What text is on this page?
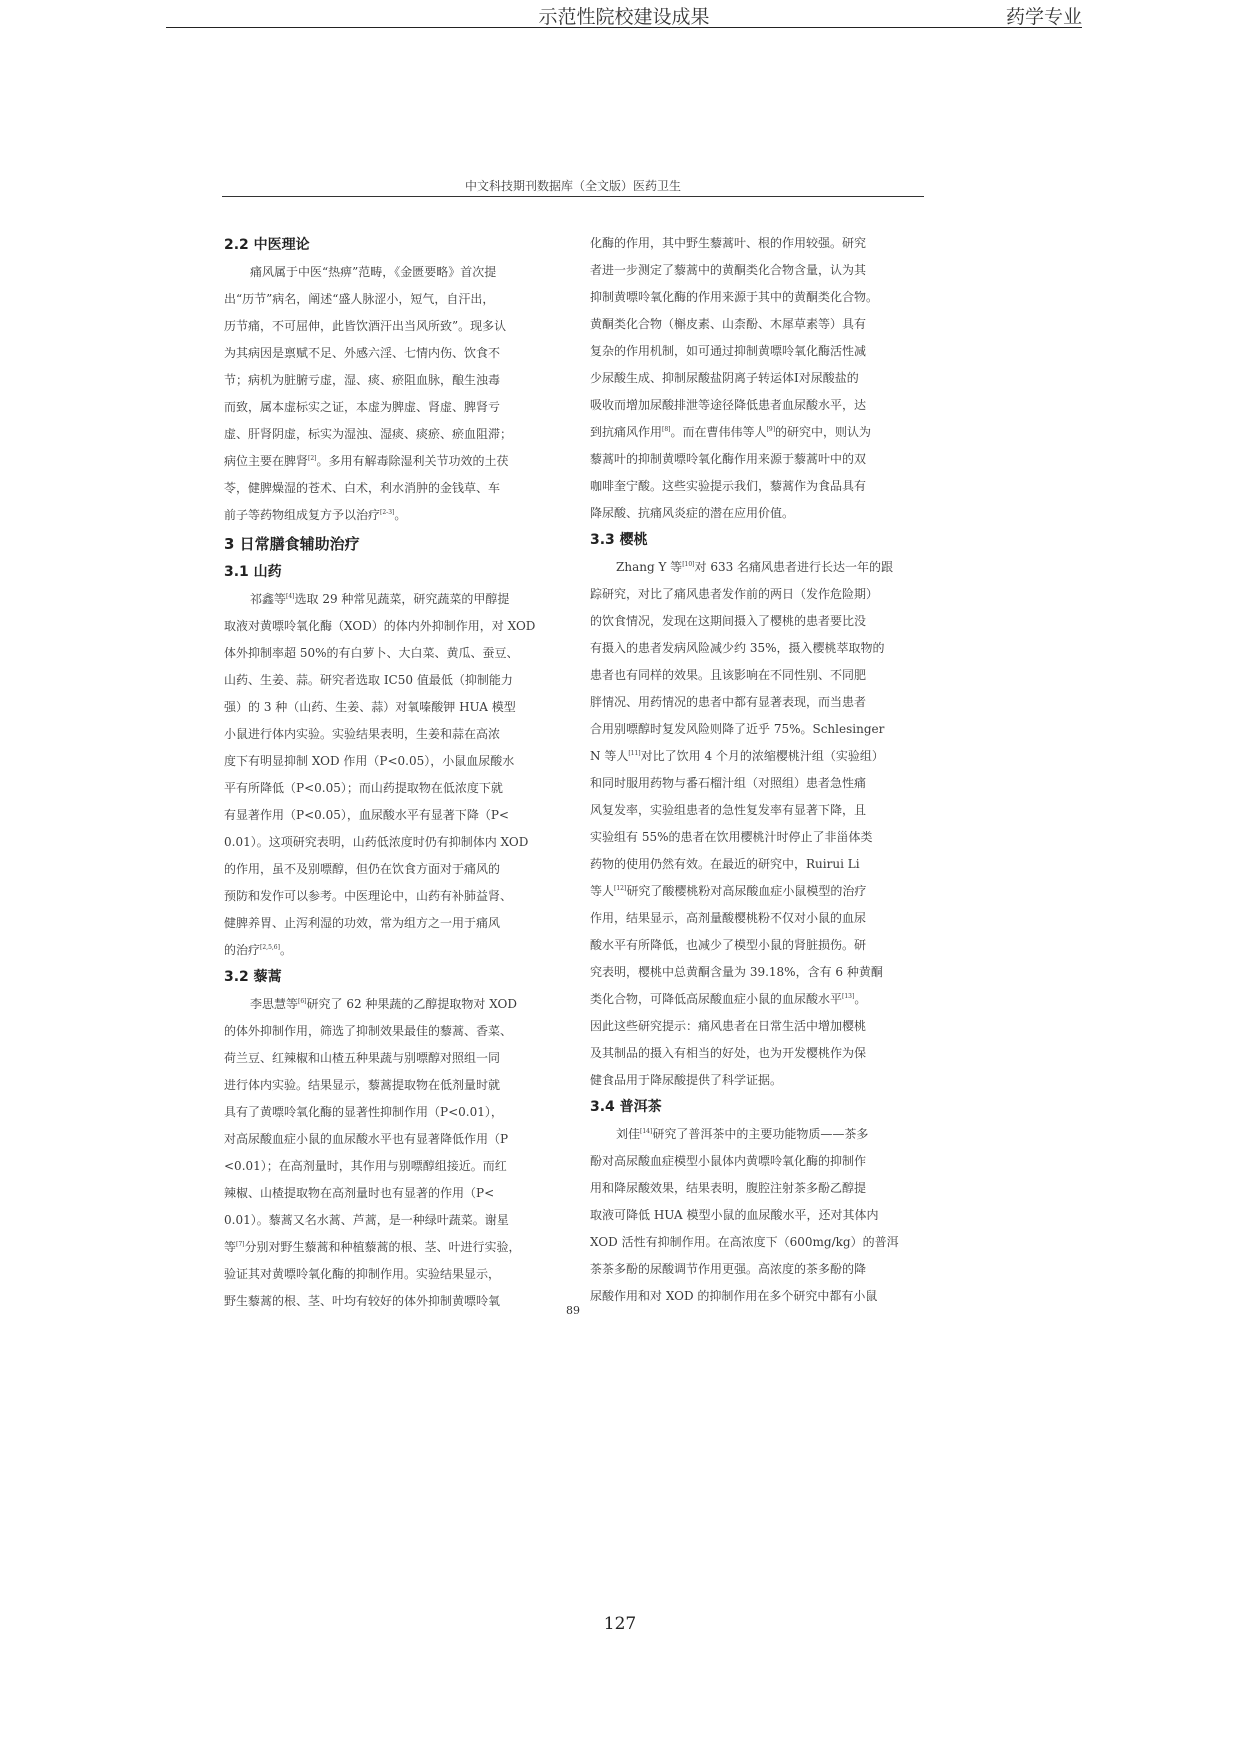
示范性院校建设成果	药学专业
中文科技期刊数据库（全文版）医药卫生
2.2 中医理论
痛风属于中医“热痹”范畴，《金匮要略》首次提
出“历节”病名，阐述“盛人脉涩小，短气，自汗出，
历节痛，不可屈伸，此皆饮酒汗出当风所致”。现多认
为其病因是禀赋不足、外感六淫、七情内伤、饮食不
节；病机为脏腑亏虚，湿、痰、瘀阻血脉，酿生浊毒
而致，属本虚标实之证，本虚为脾虚、肾虚、脾肾亏
虚、肝肾阴虚，标实为湿浊、湿痰、痰瘀、瘀血阻滞；
病位主要在脾肾[2]。多用有解毒除湿利关节功效的土茯
苓，健脾燥湿的苍术、白术，利水消肿的金钱草、车
前子等药物组成复方予以治疗[2-3]。
3 日常膳食辅助治疗
3.1 山药
祁鑫等[4]选取 29 种常见蔬菜，研究蔬菜的甲醇提
取液对黄嘌呤氧化酶（XOD）的体内外抑制作用，对 XOD
体外抑制率超 50%的有白萝卜、大白菜、黄瓜、蚕豆、
山药、生姜、蒜。研究者选取 IC50 值最低（抑制能力
强）的 3 种（山药、生姜、蒜）对氧嗪酸钾 HUA 模型
小鼠进行体内实验。实验结果表明，生姜和蒜在高浓
度下有明显抑制 XOD 作用（P<0.05），小鼠血尿酸水
平有所降低（P<0.05）；而山药提取物在低浓度下就
有显著作用（P<0.05），血尿酸水平有显著下降（P<
0.01）。这项研究表明，山药低浓度时仍有抑制体内 XOD
的作用，虽不及别嘌醇，但仍在饮食方面对于痛风的
预防和发作可以参考。中医理论中，山药有补肺益肾、
健脾养胃、止泻利湿的功效，常为组方之一用于痛风
的治疗[2,5,6]。
3.2 藜蒿
李思慧等[6]研究了 62 种果蔬的乙醇提取物对 XOD
的体外抑制作用，筛选了抑制效果最佳的藜蒿、香菜、
荷兰豆、红辣椒和山楂五种果蔬与别嘌醇对照组一同
进行体内实验。结果显示，藜蒿提取物在低剂量时就
具有了黄嘌呤氧化酶的显著性抑制作用（P<0.01），
对高尿酸血症小鼠的血尿酸水平也有显著降低作用（P
<0.01）；在高剂量时，其作用与别嘌醇组接近。而红
辣椒、山楂提取物在高剂量时也有显著的作用（P<
0.01）。藜蒿又名水蒿、芦蒿，是一种绿叶蔬菜。谢星
等[7]分别对野生藜蒿和种植藜蒿的根、茎、叶进行实验，
验证其对黄嘌呤氧化酶的抑制作用。实验结果显示，
野生藜蒿的根、茎、叶均有较好的体外抑制黄嘌呤氧
化酶的作用，其中野生藜蒿叶、根的作用较强。研究
者进一步测定了藜蒿中的黄酮类化合物含量，认为其
抑制黄嘌呤氧化酶的作用来源于其中的黄酮类化合物。
黄酮类化合物（槲皮素、山柰酚、木犀草素等）具有
复杂的作用机制，如可通过抑制黄嘌呤氧化酶活性减
少尿酸生成、抑制尿酸盐阴离子转运体Ⅰ对尿酸盐的
吸收而增加尿酸排泄等途径降低患者血尿酸水平，达
到抗痛风作用[8]。而在曹伟伟等人[9]的研究中，则认为
藜蒿叶的抑制黄嘌呤氧化酶作用来源于藜蒿叶中的双
咖啡奎宁酸。这些实验提示我们，藜蒿作为食品具有
降尿酸、抗痛风炎症的潜在应用价值。
3.3 樱桃
Zhang Y 等[10]对 633 名痛风患者进行长达一年的跟
踪研究，对比了痛风患者发作前的两日（发作危险期）
的饮食情况，发现在这期间摄入了樱桃的患者要比没
有摄入的患者发病风险减少约 35%，摄入樱桃萃取物的
患者也有同样的效果。且该影响在不同性别、不同肥
胖情况、用药情况的患者中都有显著表现，而当患者
合用别嘌醇时复发风险则降了近乎 75%。Schlesinger
N 等人[11]对比了饮用 4 个月的浓缩樱桃汁组（实验组）
和同时服用药物与番石榴汁组（对照组）患者急性痛
风复发率，实验组患者的急性复发率有显著下降，且
实验组有 55%的患者在饮用樱桃汁时停止了非甾体类
药物的使用仍然有效。在最近的研究中，Ruirui Li
等人[12]研究了酸樱桃粉对高尿酸血症小鼠模型的治疗
作用，结果显示，高剂量酸樱桃粉不仅对小鼠的血尿
酸水平有所降低，也减少了模型小鼠的肾脏损伤。研
究表明，樱桃中总黄酮含量为 39.18%，含有 6 种黄酮
类化合物，可降低高尿酸血症小鼠的血尿酸水平[13]。
因此这些研究提示：痛风患者在日常生活中增加樱桃
及其制品的摄入有相当的好处，也为开发樱桃作为保
健食品用于降尿酸提供了科学证据。
3.4 普洱茶
刘佳[14]研究了普洱茶中的主要功能物质——茶多
酚对高尿酸血症模型小鼠体内黄嘌呤氧化酶的抑制作
用和降尿酸效果，结果表明，腹腔注射茶多酚乙醇提
取液可降低 HUA 模型小鼠的血尿酸水平，还对其体内
XOD 活性有抑制作用。在高浓度下（600mg/kg）的普洱
茶茶多酚的尿酸调节作用更强。高浓度的茶多酚的降
尿酸作用和对 XOD 的抑制作用在多个研究中都有小鼠
89
127
